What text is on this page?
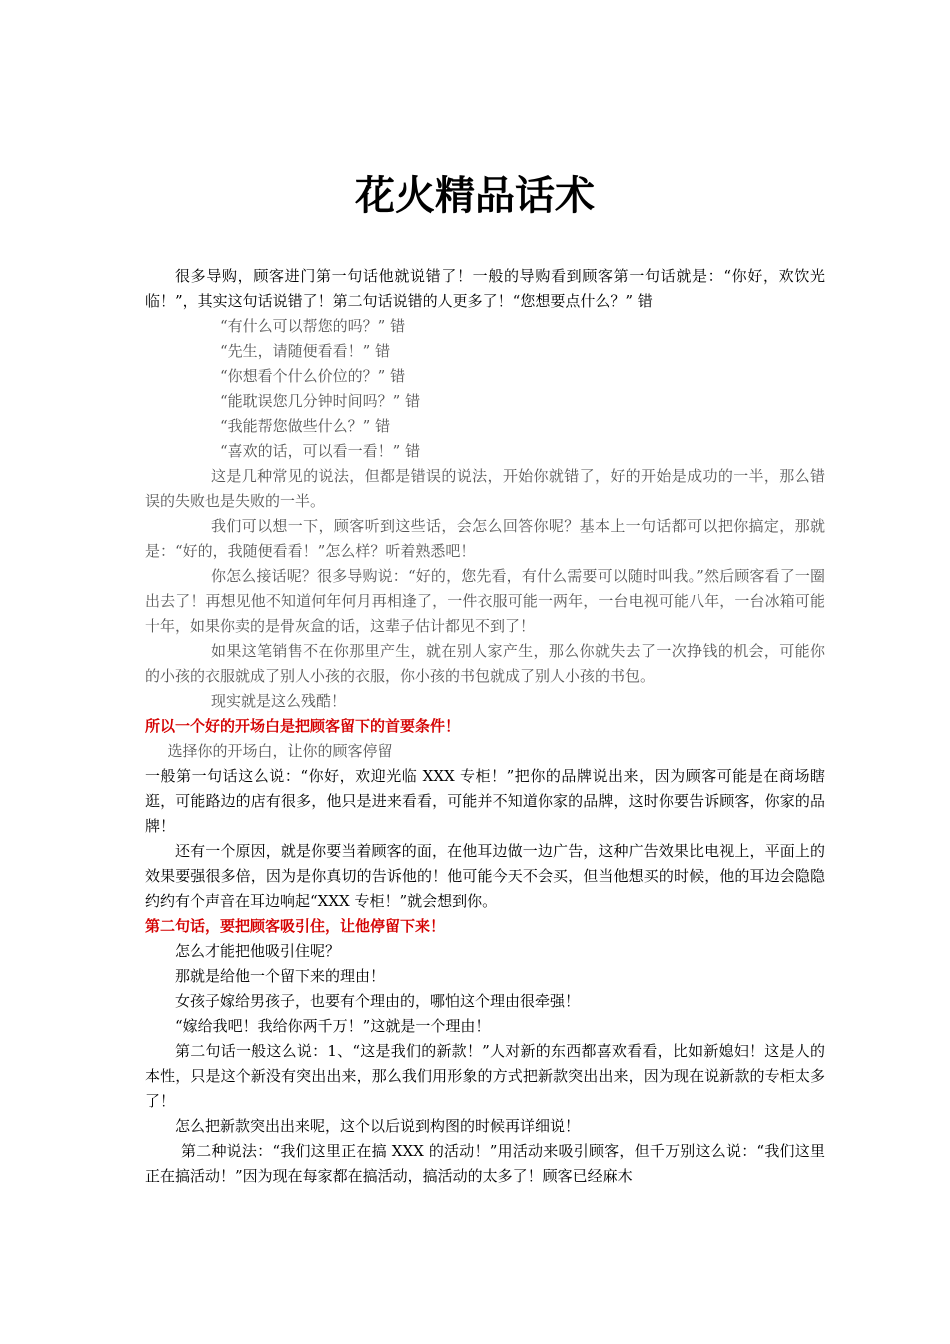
花火精品话术

很多导购，顾客进门第一句话他就说错了！一般的导购看到顾客第一句话就是：“你好，欢饮光临！”，其实这句话说错了！第二句话说错的人更多了！“您想要点什么？” 错

“有什么可以帮您的吗？” 错

“先生，请随便看看！” 错

“你想看个什么价位的？” 错

“能耽误您几分钟时间吗？” 错

“我能帮您做些什么？” 错

“喜欢的话，可以看一看！” 错

这是几种常见的说法，但都是错误的说法，开始你就错了，好的开始是成功的一半，那么错误的失败也是失败的一半。

我们可以想一下，顾客听到这些话，会怎么回答你呢？基本上一句话都可以把你搞定，那就是：“好的，我随便看看！”怎么样？听着熟悉吧！

你怎么接话呢？很多导购说：“好的，您先看，有什么需要可以随时叫我。”然后顾客看了一圈出去了！再想见他不知道何年何月再相逢了，一件衣服可能一两年，一台电视可能八年，一台冰箱可能十年，如果你卖的是骨灰盒的话，这辈子估计都见不到了！

如果这笔销售不在你那里产生，就在别人家产生，那么你就失去了一次挣钱的机会，可能你的小孩的衣服就成了别人小孩的衣服，你小孩的书包就成了别人小孩的书包。

现实就是这么残酷！

所以一个好的开场白是把顾客留下的首要条件！

选择你的开场白，让你的顾客停留

一般第一句话这么说：“你好，欢迎光临 XXX 专柜！”把你的品牌说出来，因为顾客可能是在商场瞎逛，可能路边的店有很多，他只是进来看看，可能并不知道你家的品牌，这时你要告诉顾客，你家的品牌！

还有一个原因，就是你要当着顾客的面，在他耳边做一边广告，这种广告效果比电视上，平面上的效果要强很多倍，因为是你真切的告诉他的！他可能今天不会买，但当他想买的时候，他的耳边会隐隐约约有个声音在耳边响起“XXX 专柜！”就会想到你。

第二句话，要把顾客吸引住，让他停留下来！

怎么才能把他吸引住呢？

那就是给他一个留下来的理由！

女孩子嫁给男孩子，也要有个理由的，哪怕这个理由很牵强！

“嫁给我吧！我给你两千万！”这就是一个理由！

第二句话一般这么说：1、“这是我们的新款！”人对新的东西都喜欢看看，比如新媳妇！这是人的本性，只是这个新没有突出出来，那么我们用形象的方式把新款突出出来，因为现在说新款的专柜太多了！

怎么把新款突出出来呢，这个以后说到构图的时候再详细说！

第二种说法：“我们这里正在搞 XXX 的活动！”用活动来吸引顾客，但千万别这么说：“我们这里正在搞活动！”因为现在每家都在搞活动，搞活动的太多了！顾客已经麻木
